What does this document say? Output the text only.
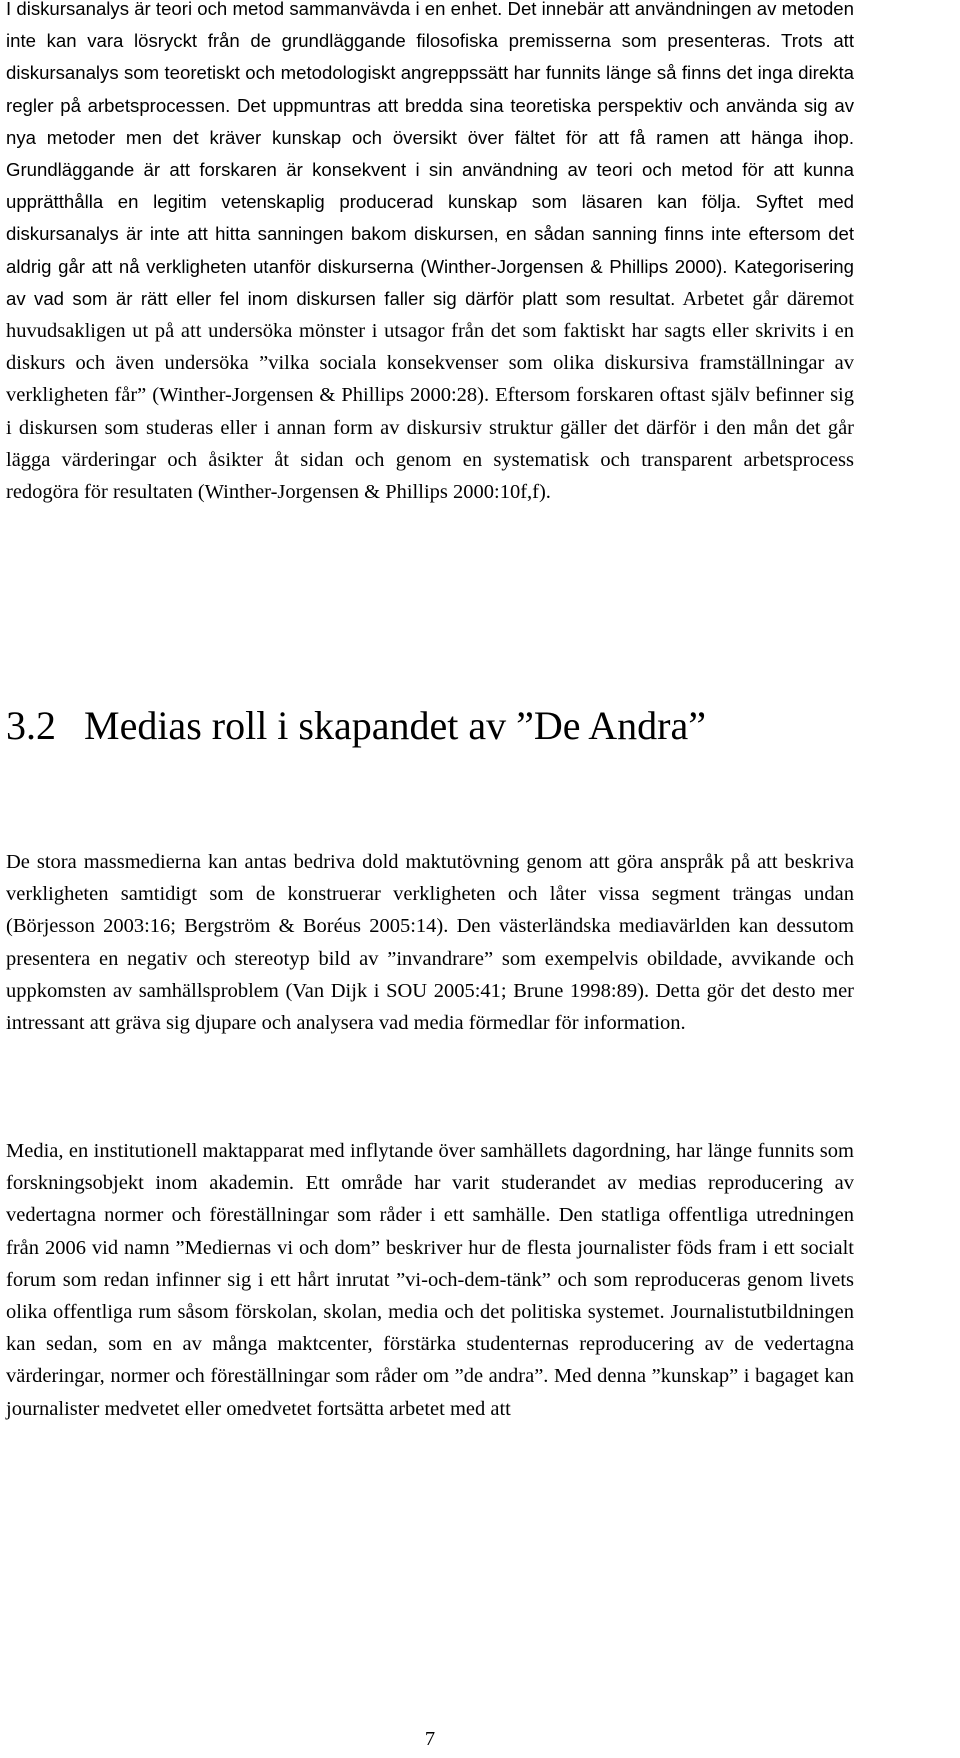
I diskursanalys är teori och metod sammanvävda i en enhet. Det innebär att användningen av metoden inte kan vara lösryckt från de grundläggande filosofiska premisserna som presenteras. Trots att diskursanalys som teoretiskt och metodologiskt angreppssätt har funnits länge så finns det inga direkta regler på arbetsprocessen. Det uppmuntras att bredda sina teoretiska perspektiv och använda sig av nya metoder men det kräver kunskap och översikt över fältet för att få ramen att hänga ihop. Grundläggande är att forskaren är konsekvent i sin användning av teori och metod för att kunna upprätthålla en legitim vetenskaplig producerad kunskap som läsaren kan följa. Syftet med diskursanalys är inte att hitta sanningen bakom diskursen, en sådan sanning finns inte eftersom det aldrig går att nå verkligheten utanför diskurserna (Winther-Jorgensen & Phillips 2000). Kategorisering av vad som är rätt eller fel inom diskursen faller sig därför platt som resultat. Arbetet går däremot huvudsakligen ut på att undersöka mönster i utsagor från det som faktiskt har sagts eller skrivits i en diskurs och även undersöka ”vilka sociala konsekvenser som olika diskursiva framställningar av verkligheten får” (Winther-Jorgensen & Phillips 2000:28). Eftersom forskaren oftast själv befinner sig i diskursen som studeras eller i annan form av diskursiv struktur gäller det därför i den mån det går lägga värderingar och åsikter åt sidan och genom en systematisk och transparent arbetsprocess redogöra för resultaten (Winther-Jorgensen & Phillips 2000:10f,f).

3.2 Medias roll i skapandet av ”De Andra”

De stora massmedierna kan antas bedriva dold maktutövning genom att göra anspråk på att beskriva verkligheten samtidigt som de konstruerar verkligheten och låter vissa segment trängas undan (Börjesson 2003:16; Bergström & Boréus 2005:14). Den västerländska mediavärlden kan dessutom presentera en negativ och stereotyp bild av ”invandrare” som exempelvis obildade, avvikande och uppkomsten av samhällsproblem (Van Dijk i SOU 2005:41; Brune 1998:89). Detta gör det desto mer intressant att gräva sig djupare och analysera vad media förmedlar för information.

Media, en institutionell maktapparat med inflytande över samhällets dagordning, har länge funnits som forskningsobjekt inom akademin. Ett område har varit studerandet av medias reproducering av vedertagna normer och föreställningar som råder i ett samhälle. Den statliga offentliga utredningen från 2006 vid namn ”Mediernas vi och dom” beskriver hur de flesta journalister föds fram i ett socialt forum som redan infinner sig i ett hårt inrutat ”vi-och-dem-tänk” och som reproduceras genom livets olika offentliga rum såsom förskolan, skolan, media och det politiska systemet. Journalistutbildningen kan sedan, som en av många maktcenter, förstärka studenternas reproducering av de vedertagna värderingar, normer och föreställningar som råder om ”de andra”. Med denna ”kunskap” i bagaget kan journalister medvetet eller omedvetet fortsätta arbetet med att

7
